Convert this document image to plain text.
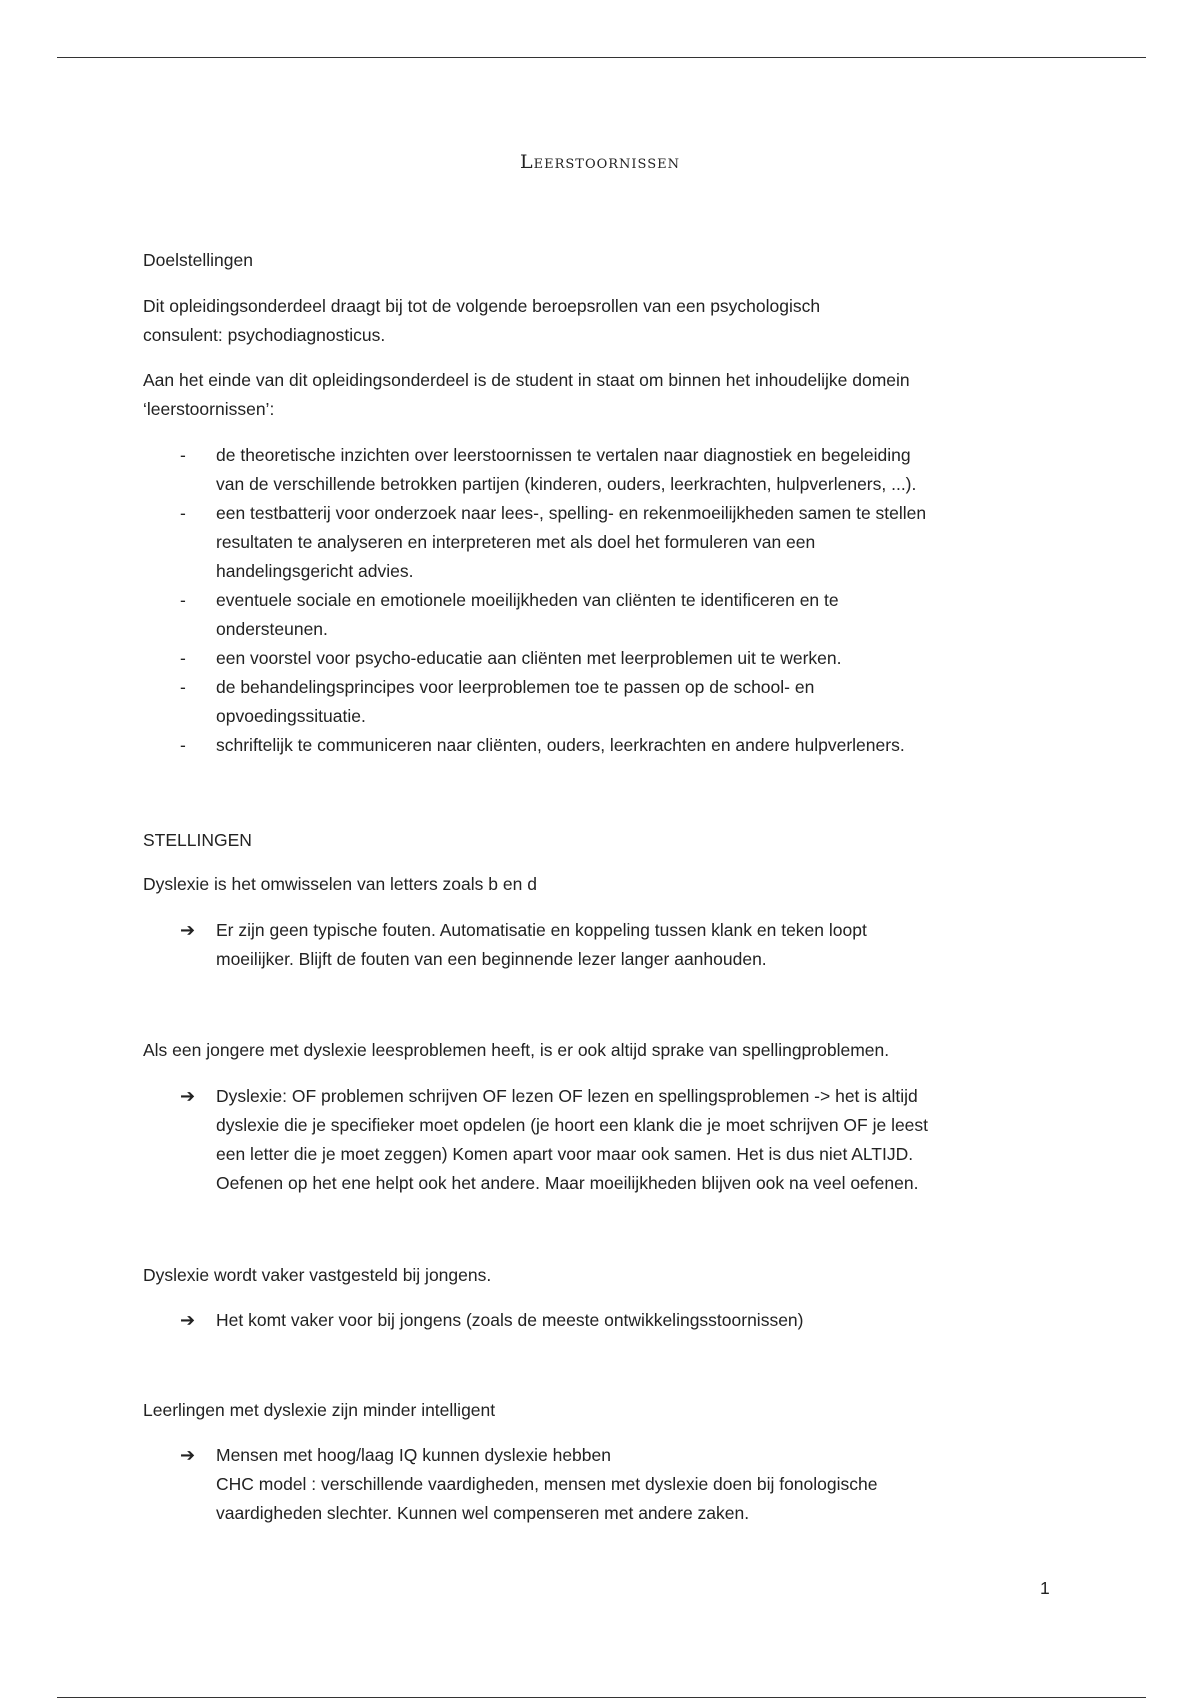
Leerstoornissen

Doelstellingen

Dit opleidingsonderdeel draagt bij tot de volgende beroepsrollen van een psychologisch

consulent: psychodiagnosticus.

Aan het einde van dit opleidingsonderdeel is de student in staat om binnen het inhoudelijke domein

‘leerstoornissen’:

-	de theoretische inzichten over leerstoornissen te vertalen naar diagnostiek en begeleiding
van de verschillende betrokken partijen (kinderen, ouders, leerkrachten, hulpverleners, ...).
-	een testbatterij voor onderzoek naar lees-, spelling- en rekenmoeilijkheden samen te stellen
resultaten te analyseren en interpreteren met als doel het formuleren van een
handelingsgericht advies.
-	eventuele sociale en emotionele moeilijkheden van cliënten te identificeren en te
ondersteunen.
-	een voorstel voor psycho-educatie aan cliënten met leerproblemen uit te werken.
-	de behandelingsprincipes voor leerproblemen toe te passen op de school- en
opvoedingssituatie.
-	schriftelijk te communiceren naar cliënten, ouders, leerkrachten en andere hulpverleners.

STELLINGEN

Dyslexie is het omwisselen van letters zoals b en d

➔ Er zijn geen typische fouten. Automatisatie en koppeling tussen klank en teken loopt
moeilijker. Blijft de fouten van een beginnende lezer langer aanhouden.

Als een jongere met dyslexie leesproblemen heeft, is er ook altijd sprake van spellingproblemen.

➔ Dyslexie: OF problemen schrijven OF lezen OF lezen en spellingsproblemen -> het is altijd
dyslexie die je specifieker moet opdelen (je hoort een klank die je moet schrijven OF je leest
een letter die je moet zeggen) Komen apart voor maar ook samen. Het is dus niet ALTIJD.
Oefenen op het ene helpt ook het andere. Maar moeilijkheden blijven ook na veel oefenen.

Dyslexie wordt vaker vastgesteld bij jongens.

➔ Het komt vaker voor bij jongens (zoals de meeste ontwikkelingsstoornissen)

Leerlingen met dyslexie zijn minder intelligent

➔ Mensen met hoog/laag IQ kunnen dyslexie hebben
CHC model : verschillende vaardigheden, mensen met dyslexie doen bij fonologische
vaardigheden slechter. Kunnen wel compenseren met andere zaken.
1
